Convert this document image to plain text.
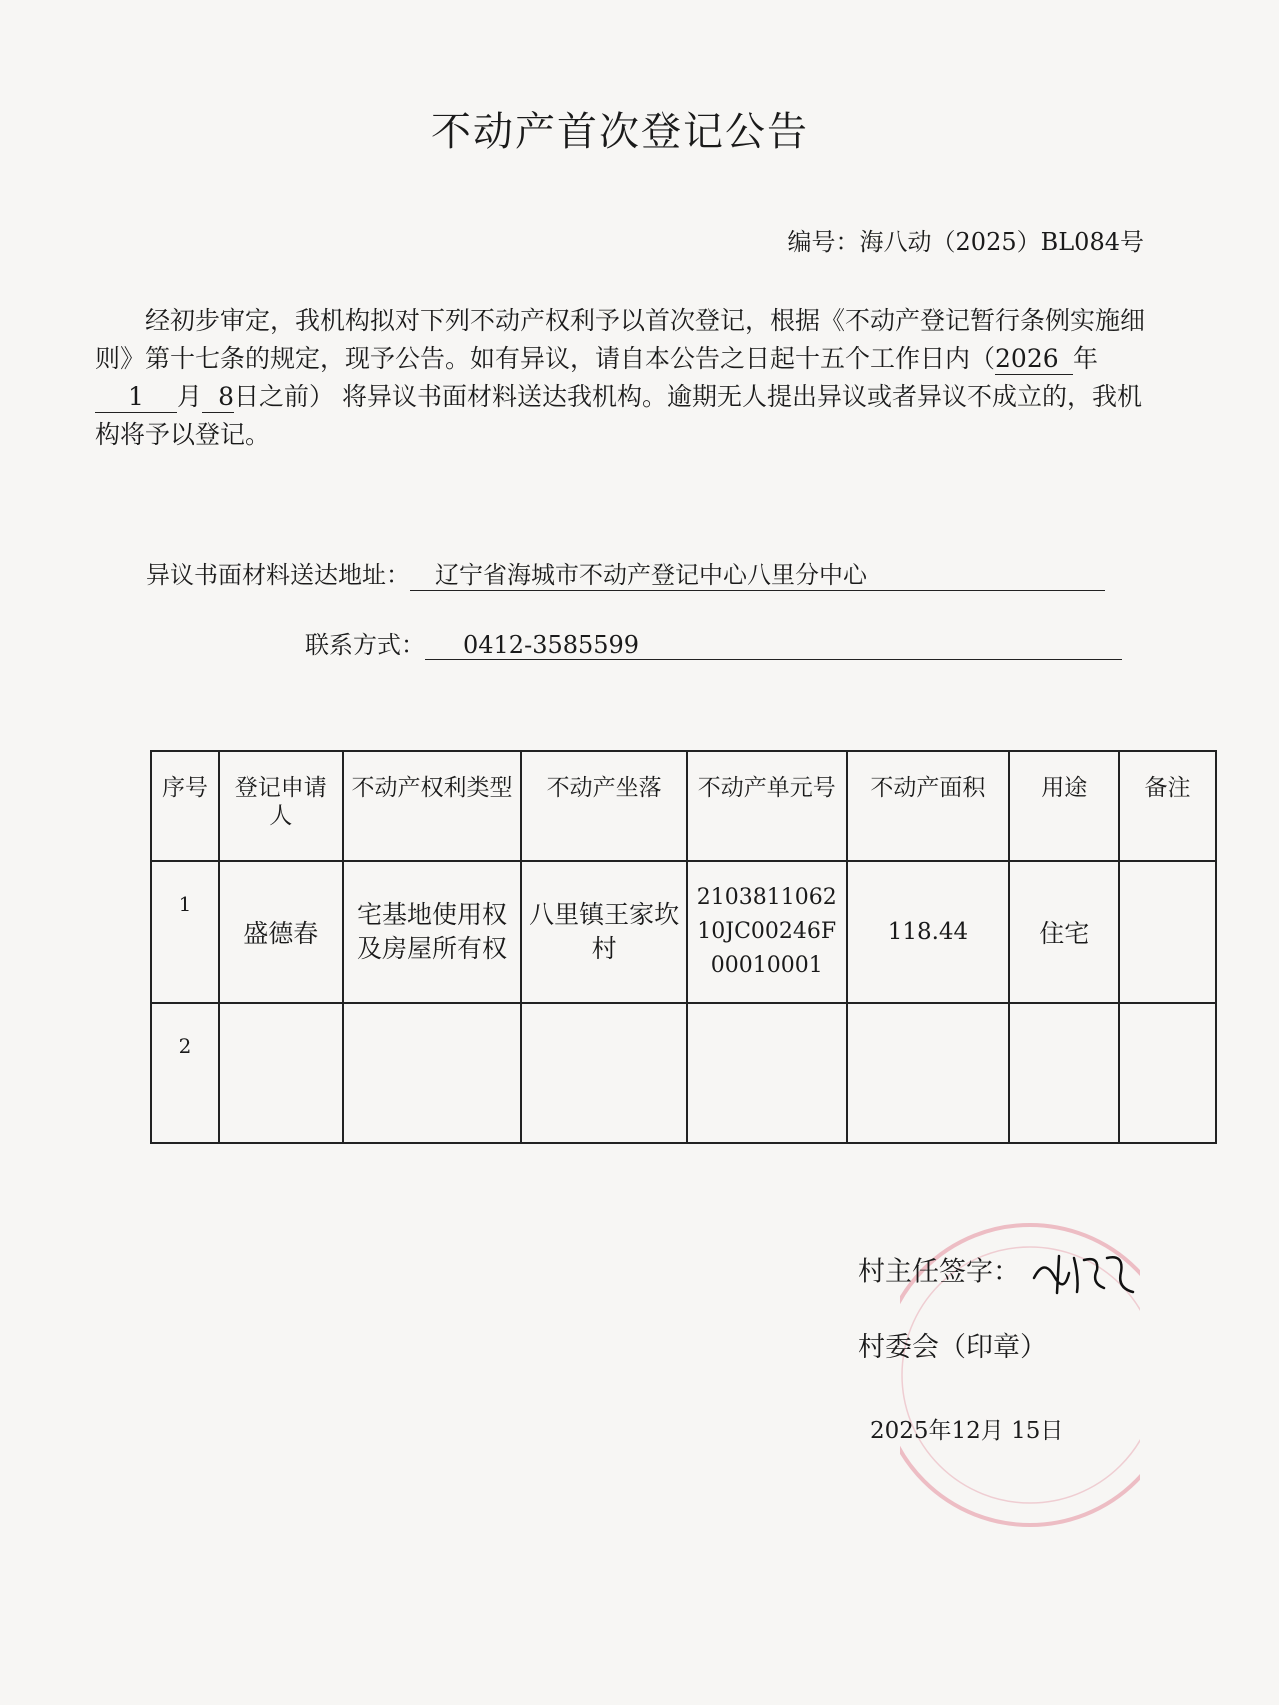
不动产首次登记公告
编号：海八动（2025）BL084号
经初步审定，我机构拟对下列不动产权利予以首次登记，根据《不动产登记暂行条例实施细则》第十七条的规定，现予公告。如有异议，请自本公告之日起十五个工作日内（2026 年1 月 8日之前） 将异议书面材料送达我机构。逾期无人提出异议或者异议不成立的，我机构将予以登记。
异议书面材料送达地址： 辽宁省海城市不动产登记中心八里分中心
联系方式： 0412-3585599
序号	登记申请人	不动产权利类型	不动产坐落	不动产单元号	不动产面积	用途	备注
1	盛德春	宅基地使用权及房屋所有权	八里镇王家坎村	210381106210JC00246F00010001	118.44	住宅	
2							
村主任签字：
村委会（印章）
2025年12月 15日
